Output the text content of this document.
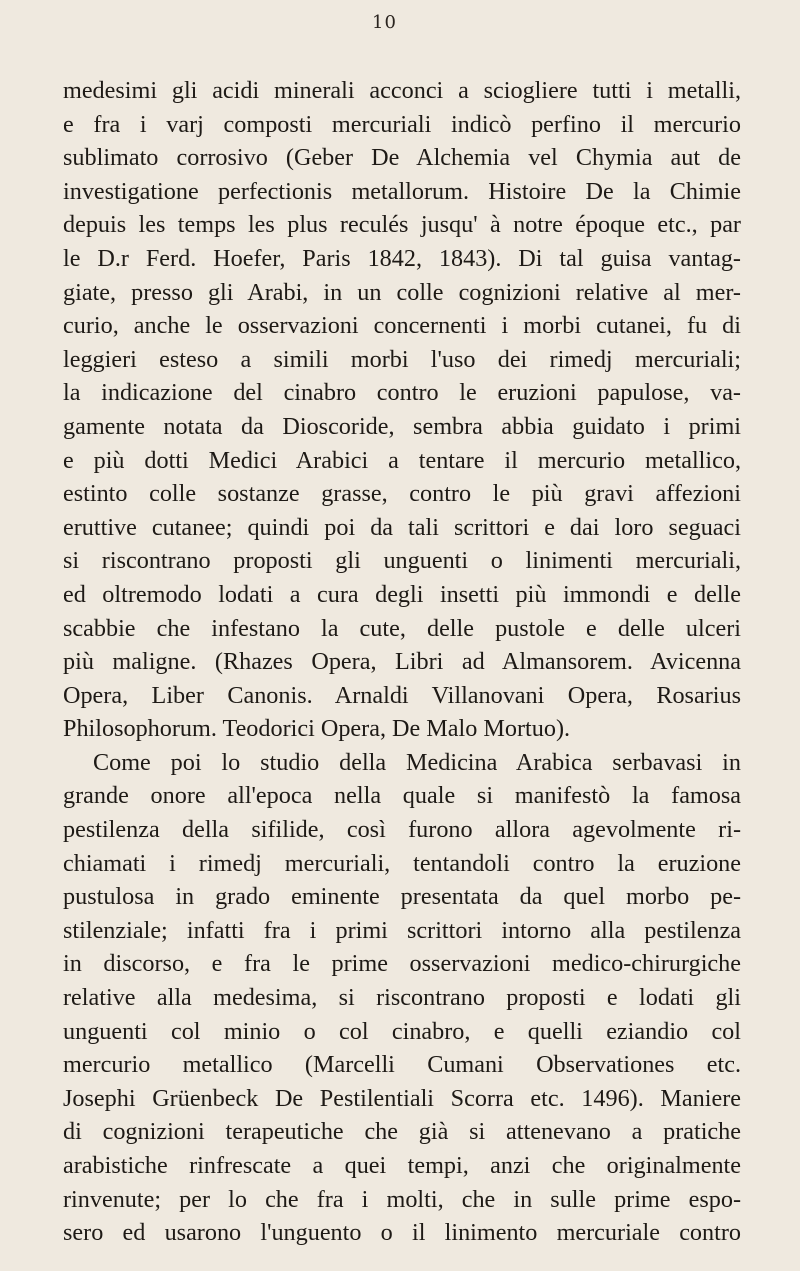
10
medesimi gli acidi minerali acconci a sciogliere tutti i metalli,
e fra i varj composti mercuriali indicò perfino il mercurio
sublimato corrosivo (Geber De Alchemia vel Chymia aut de
investigatione perfectionis metallorum. Histoire De la Chimie
depuis les temps les plus reculés jusqu' à notre époque etc., par
le D.r Ferd. Hoefer, Paris 1842, 1843). Di tal guisa vantag-
giate, presso gli Arabi, in un colle cognizioni relative al mer-
curio, anche le osservazioni concernenti i morbi cutanei, fu di
leggieri esteso a simili morbi l'uso dei rimedj mercuriali;
la indicazione del cinabro contro le eruzioni papulose, va-
gamente notata da Dioscoride, sembra abbia guidato i primi
e più dotti Medici Arabici a tentare il mercurio metallico,
estinto colle sostanze grasse, contro le più gravi affezioni
eruttive cutanee; quindi poi da tali scrittori e dai loro seguaci
si riscontrano proposti gli unguenti o linimenti mercuriali,
ed oltremodo lodati a cura degli insetti più immondi e delle
scabbie che infestano la cute, delle pustole e delle ulceri
più maligne. (Rhazes Opera, Libri ad Almansorem. Avicenna
Opera, Liber Canonis. Arnaldi Villanovani Opera, Rosarius
Philosophorum. Teodorici Opera, De Malo Mortuo).
Come poi lo studio della Medicina Arabica serbavasi in
grande onore all'epoca nella quale si manifestò la famosa
pestilenza della sifilide, così furono allora agevolmente ri-
chiamati i rimedj mercuriali, tentandoli contro la eruzione
pustulosa in grado eminente presentata da quel morbo pe-
stilenziale; infatti fra i primi scrittori intorno alla pestilenza
in discorso, e fra le prime osservazioni medico-chirurgiche
relative alla medesima, si riscontrano proposti e lodati gli
unguenti col minio o col cinabro, e quelli eziandio col
mercurio metallico (Marcelli Cumani Observationes etc.
Josephi Grüenbeck De Pestilentiali Scorra etc. 1496). Maniere
di cognizioni terapeutiche che già si attenevano a pratiche
arabistiche rinfrescate a quei tempi, anzi che originalmente
rinvenute; per lo che fra i molti, che in sulle prime espo-
sero ed usarono l'unguento o il linimento mercuriale contro
